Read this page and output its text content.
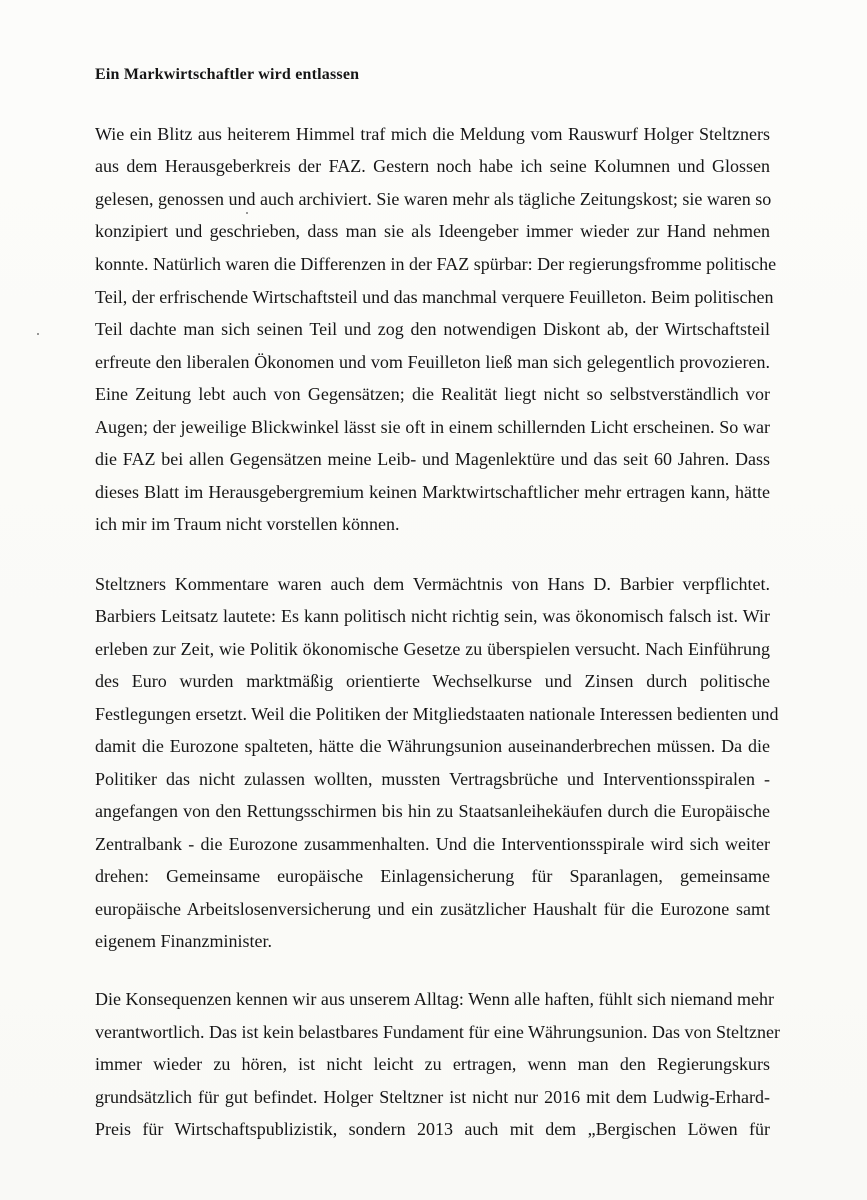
Ein Markwirtschaftler wird entlassen
Wie ein Blitz aus heiterem Himmel traf mich die Meldung vom Rauswurf Holger Steltzners
aus dem Herausgeberkreis der FAZ. Gestern noch habe ich seine Kolumnen und Glossen
gelesen, genossen und auch archiviert. Sie waren mehr als tägliche Zeitungskost; sie waren so
konzipiert und geschrieben, dass man sie als Ideengeber immer wieder zur Hand nehmen
konnte. Natürlich waren die Differenzen in der FAZ spürbar: Der regierungsfromme politische
Teil, der erfrischende Wirtschaftsteil und das manchmal verquere Feuilleton. Beim politischen
Teil dachte man sich seinen Teil und zog den notwendigen Diskont ab, der Wirtschaftsteil
erfreute den liberalen Ökonomen und vom Feuilleton ließ man sich gelegentlich provozieren.
Eine Zeitung lebt auch von Gegensätzen; die Realität liegt nicht so selbstverständlich vor
Augen; der jeweilige Blickwinkel lässt sie oft in einem schillernden Licht erscheinen. So war
die FAZ bei allen Gegensätzen meine Leib- und Magenlektüre und das seit 60 Jahren. Dass
dieses Blatt im Herausgebergremium keinen Marktwirtschaftlicher mehr ertragen kann, hätte
ich mir im Traum nicht vorstellen können.
Steltzners Kommentare waren auch dem Vermächtnis von Hans D. Barbier verpflichtet.
Barbiers Leitsatz lautete: Es kann politisch nicht richtig sein, was ökonomisch falsch ist. Wir
erleben zur Zeit, wie Politik ökonomische Gesetze zu überspielen versucht. Nach Einführung
des Euro wurden marktmäßig orientierte Wechselkurse und Zinsen durch politische
Festlegungen ersetzt. Weil die Politiken der Mitgliedstaaten nationale Interessen bedienten und
damit die Eurozone spalteten, hätte die Währungsunion auseinanderbrechen müssen. Da die
Politiker das nicht zulassen wollten, mussten Vertragsbrüche und Interventionsspiralen -
angefangen von den Rettungsschirmen bis hin zu Staatsanleihekäufen durch die Europäische
Zentralbank - die Eurozone zusammenhalten. Und die Interventionsspirale wird sich weiter
drehen: Gemeinsame europäische Einlagensicherung für Sparanlagen, gemeinsame
europäische Arbeitslosenversicherung und ein zusätzlicher Haushalt für die Eurozone samt
eigenem Finanzminister.
Die Konsequenzen kennen wir aus unserem Alltag: Wenn alle haften, fühlt sich niemand mehr
verantwortlich. Das ist kein belastbares Fundament für eine Währungsunion. Das von Steltzner
immer wieder zu hören, ist nicht leicht zu ertragen, wenn man den Regierungskurs
grundsätzlich für gut befindet. Holger Steltzner ist nicht nur 2016 mit dem Ludwig-Erhard-
Preis für Wirtschaftspublizistik, sondern 2013 auch mit dem „Bergischen Löwen für
